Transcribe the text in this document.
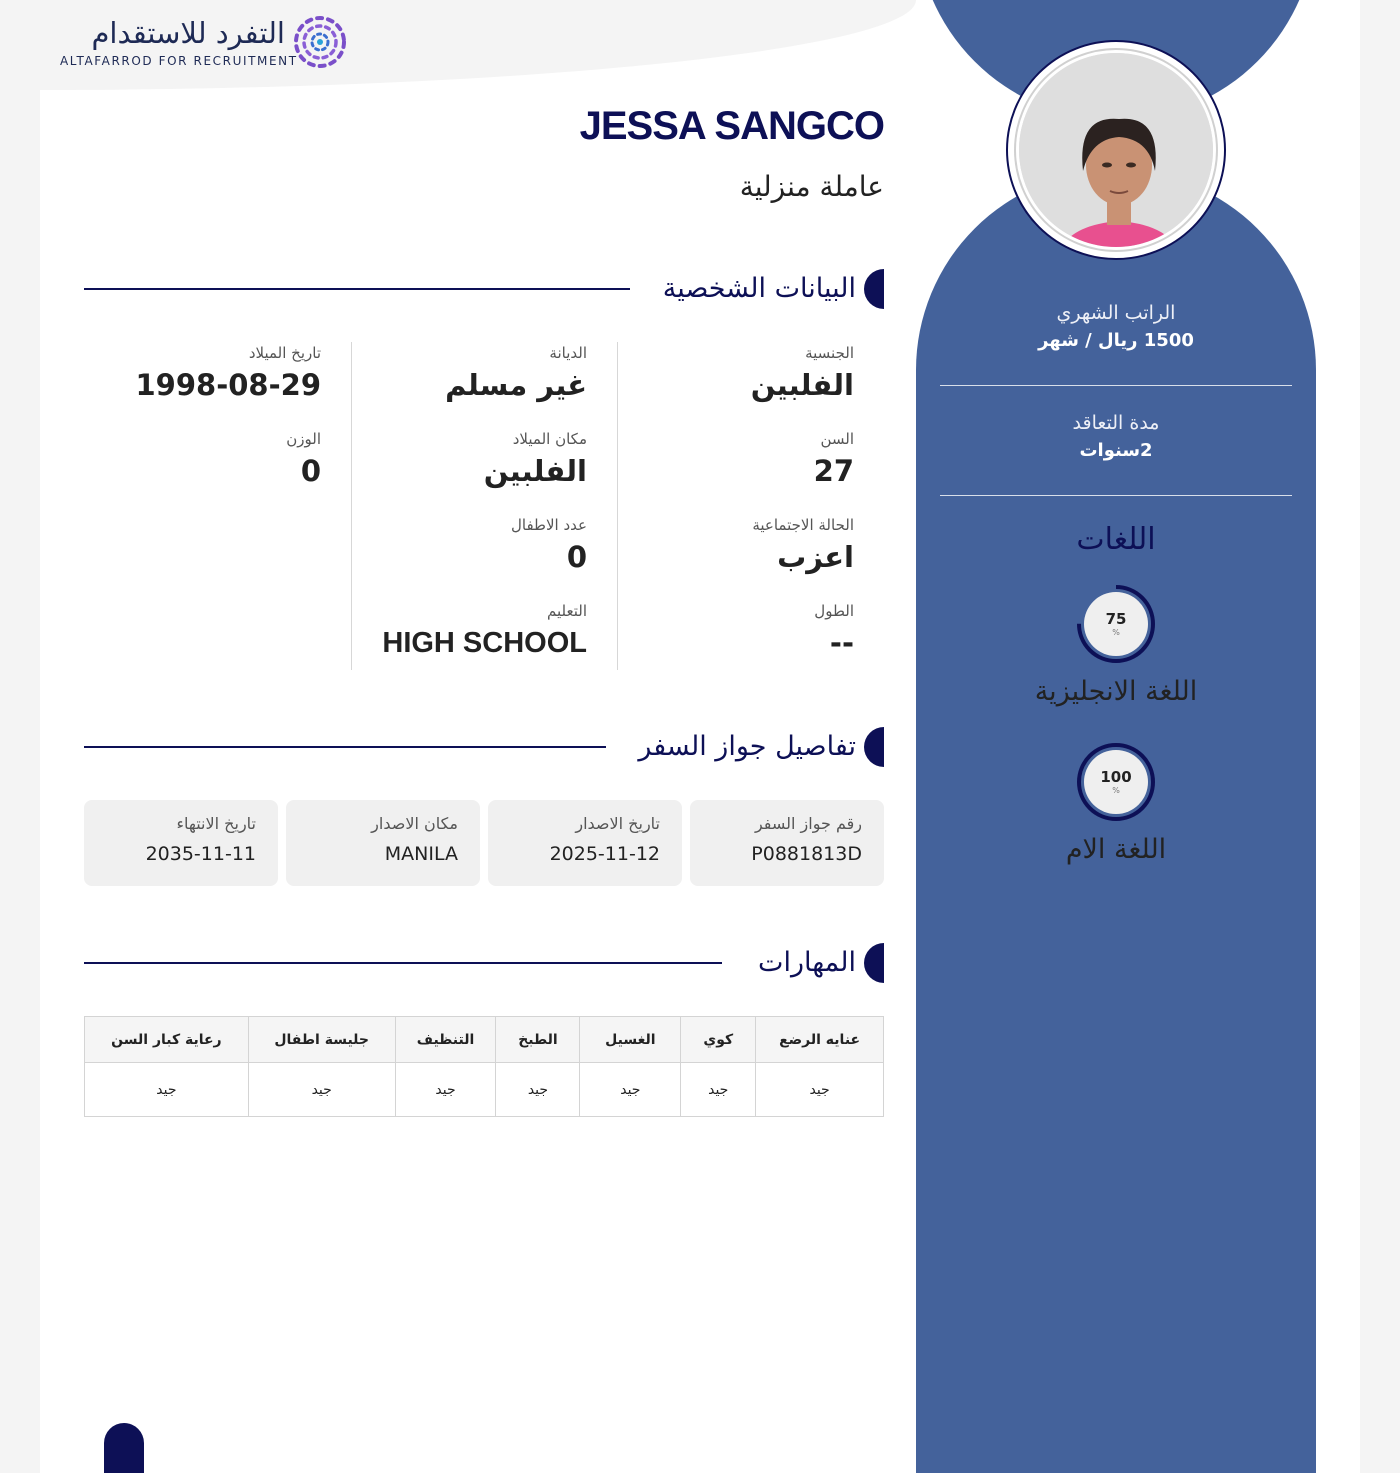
التفرد للاستقدام
ALTAFARROD FOR RECRUITMENT
الراتب الشهري
1500 ريال / شهر
مدة التعاقد
2سنوات
اللغات
75
%
اللغة الانجليزية
100
%
اللغة الام
JESSA SANGCO
عاملة منزلية
البيانات الشخصية
الجنسية
الفلبين
السن
27
الحالة الاجتماعية
اعزب
الطول
--
الديانة
غير مسلم
مكان الميلاد
الفلبين
عدد الاطفال
0
التعليم
HIGH SCHOOL
تاريخ الميلاد
1998-08-29
الوزن
0
تفاصيل جواز السفر
رقم جواز السفر
P0881813D
تاريخ الاصدار
2025-11-12
مكان الاصدار
MANILA
تاريخ الانتهاء
2035-11-11
المهارات
عنايه الرضع	كوي	الغسيل	الطبخ	التنظيف	جليسة اطفال	رعاية كبار السن
جيد	جيد	جيد	جيد	جيد	جيد	جيد
